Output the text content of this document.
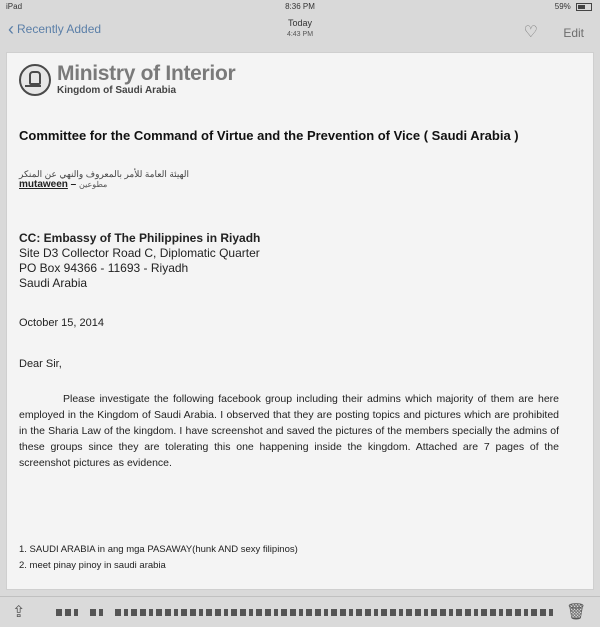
iPad	8:36 PM	59%
‹ Recently Added	Today
4:43 PM	♡ Edit
Ministry of Interior
Kingdom of Saudi Arabia
Committee for the Command of Virtue and the Prevention of Vice ( Saudi Arabia )
الهيئة العامة للأمر بالمعروف والنهي عن المنكر
mutaween – مطوعين
CC: Embassy of The Philippines in Riyadh
Site D3 Collector Road C, Diplomatic Quarter
PO Box 94366 - 11693 - Riyadh
Saudi Arabia
October 15, 2014
Dear Sir,
Please investigate the following facebook group including their admins which majority of them are here employed in the Kingdom of Saudi Arabia. I observed that they are posting topics and pictures which are prohibited in the Sharia Law of the kingdom. I have screenshot and saved the pictures of the members specially the admins of these groups since they are tolerating this one happening inside the kingdom. Attached are 7 pages of the screenshot pictures as evidence.
1. SAUDI ARABIA in ang mga PASAWAY(hunk AND sexy filipinos)
2. meet pinay pinoy in saudi arabia
⇪	🗑
